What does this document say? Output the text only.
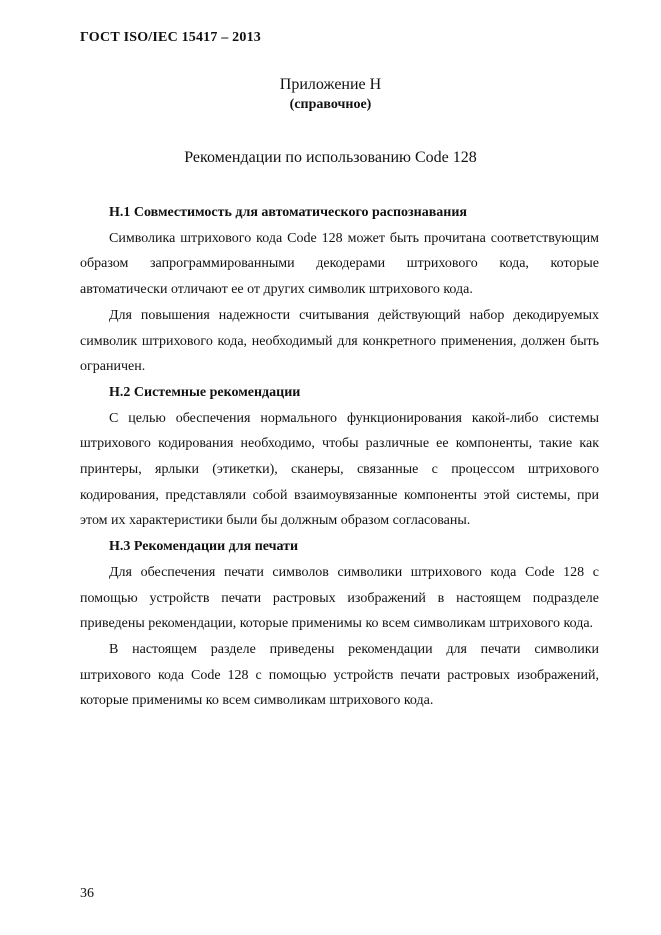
ГОСТ ISO/IEC 15417 – 2013
Приложение Н
(справочное)
Рекомендации по использованию Code 128

Н.1 Совместимость для автоматического распознавания

Символика штрихового кода Code 128 может быть прочитана соответствующим образом запрограммированными декодерами штрихового кода, которые автоматически отличают ее от других символик штрихового кода.

Для повышения надежности считывания действующий набор декодируемых символик штрихового кода, необходимый для конкретного применения, должен быть ограничен.

Н.2 Системные рекомендации

С целью обеспечения нормального функционирования какой-либо системы штрихового кодирования необходимо, чтобы различные ее компоненты, такие как принтеры, ярлыки (этикетки), сканеры, связанные с процессом штрихового кодирования, представляли собой взаимоувязанные компоненты этой системы, при этом их характеристики были бы должным образом согласованы.

Н.3 Рекомендации для печати

Для обеспечения печати символов символики штрихового кода Code 128 с помощью устройств печати растровых изображений в настоящем подразделе приведены рекомендации, которые применимы ко всем символикам штрихового кода.

В настоящем разделе приведены рекомендации для печати символики штрихового кода Code 128 с помощью устройств печати растровых изображений, которые применимы ко всем символикам штрихового кода.

36
